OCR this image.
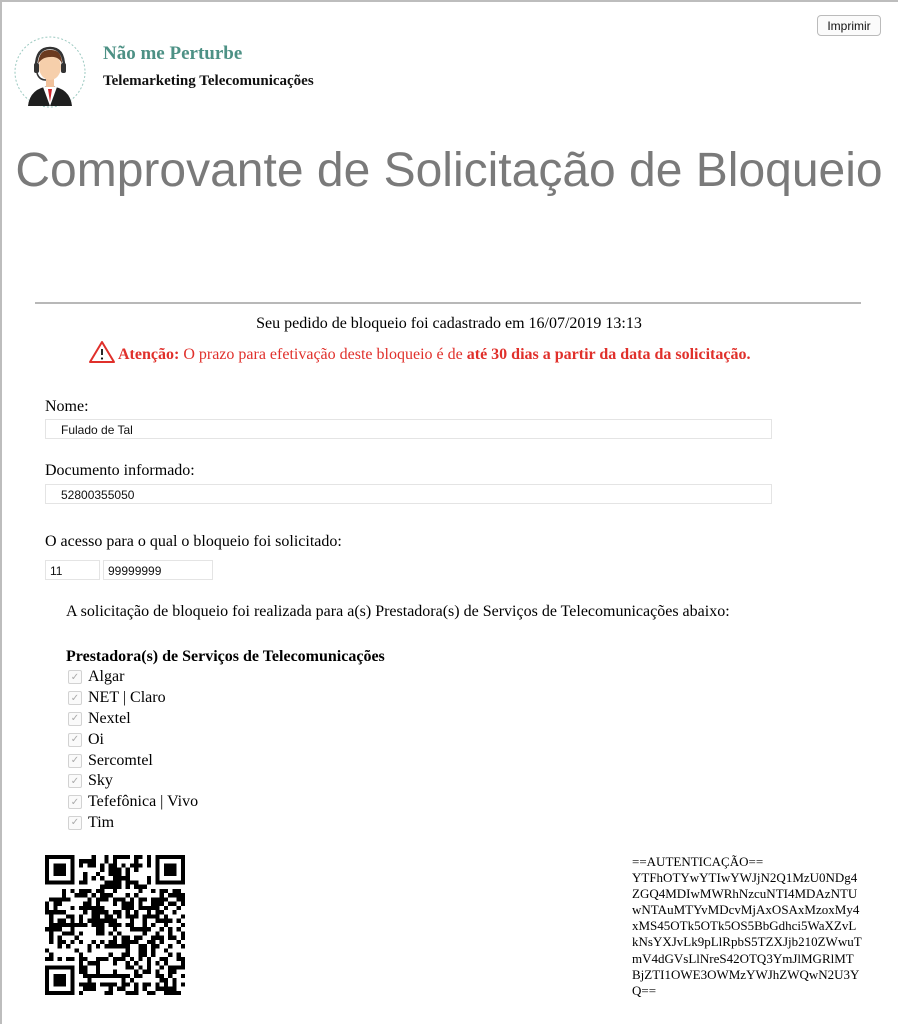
Imprimir
Não me Perturbe
Telemarketing Telecomunicações
Comprovante de Solicitação de Bloqueio
Seu pedido de bloqueio foi cadastrado em 16/07/2019 13:13
Atenção: O prazo para efetivação deste bloqueio é de até 30 dias a partir da data da solicitação.
Nome:
Fulado de Tal
Documento informado:
52800355050
O acesso para o qual o bloqueio foi solicitado:
11	99999999
A solicitação de bloqueio foi realizada para a(s) Prestadora(s) de Serviços de Telecomunicações abaixo:
Prestadora(s) de Serviços de Telecomunicações
✓ Algar
✓ NET | Claro
✓ Nextel
✓ Oi
✓ Sercomtel
✓ Sky
✓ Tefefônica | Vivo
✓ Tim
==AUTENTICAÇÃO==
YTFhOTYwYTIwYWJjN2Q1MzU0NDg4ZGQ4MDIwMWRhNzcuNTI4MDAzNTUwNTAuMTYvMDcvMjAxOSAxMzoxMy4xMS45OTk5OTk5OS5BbGdhci5WaXZvLkNsYXJvLk9pLlRpbS5TZXJjb210ZWwuTmV4dGVsLlNreS42OTQ3YmJlMGRlMTBjZTI1OWE3OWMzYWJhZWQwN2U3YQ==
